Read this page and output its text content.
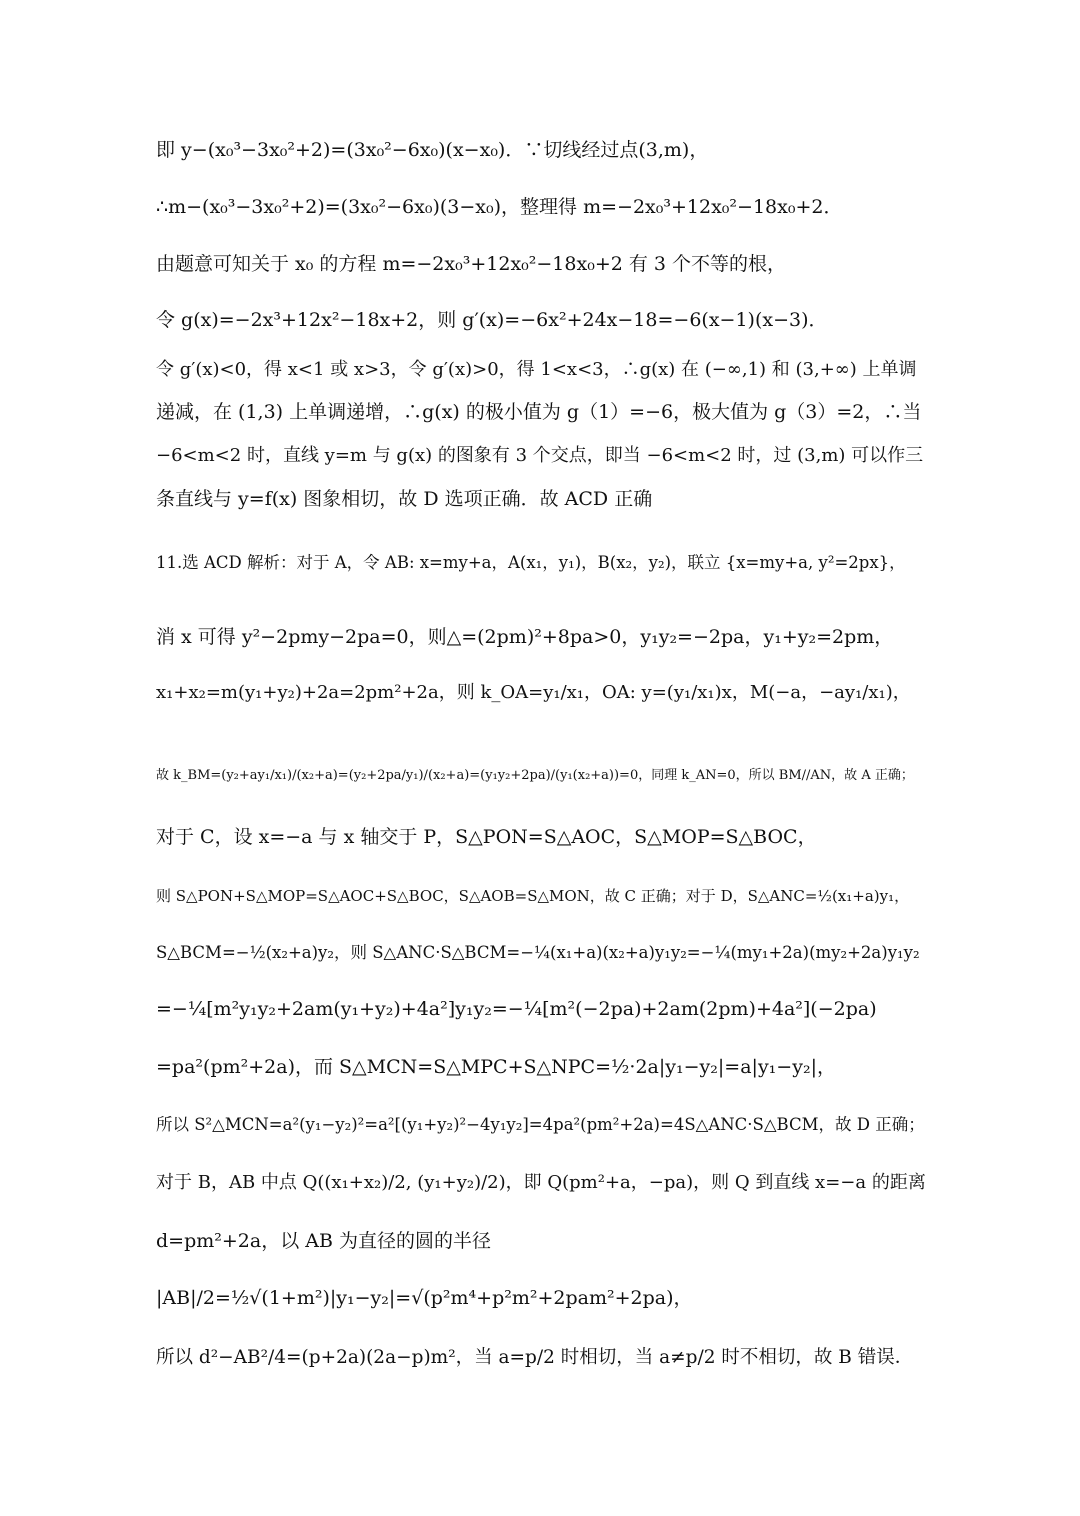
即 y−(x₀³−3x₀²+2)=(3x₀²−6x₀)(x−x₀)．∵切线经过点(3,m)，
∴m−(x₀³−3x₀²+2)=(3x₀²−6x₀)(3−x₀)，整理得 m=−2x₀³+12x₀²−18x₀+2．
由题意可知关于 x₀ 的方程 m=−2x₀³+12x₀²−18x₀+2 有 3 个不等的根，
令 g(x)=−2x³+12x²−18x+2，则 g′(x)=−6x²+24x−18=−6(x−1)(x−3)．
令 g′(x)<0，得 x<1 或 x>3，令 g′(x)>0，得 1<x<3，∴g(x) 在 (−∞,1) 和 (3,+∞) 上单调
递减，在 (1,3) 上单调递增，∴g(x) 的极小值为 g（1）=−6，极大值为 g（3）=2，∴当
−6<m<2 时，直线 y=m 与 g(x) 的图象有 3 个交点，即当 −6<m<2 时，过 (3,m) 可以作三
条直线与 y=f(x) 图象相切，故 D 选项正确．故 ACD 正确
11.选 ACD 解析：对于 A，令 AB: x=my+a，A(x₁，y₁)，B(x₂，y₂)，联立 {x=my+a, y²=2px}，
消 x 可得 y²−2pmy−2pa=0，则△=(2pm)²+8pa>0，y₁y₂=−2pa，y₁+y₂=2pm，
x₁+x₂=m(y₁+y₂)+2a=2pm²+2a，则 k_OA=y₁/x₁，OA: y=(y₁/x₁)x，M(−a，−ay₁/x₁)，
故 k_BM=(y₂+ay₁/x₁)/(x₂+a)=(y₂+2pa/y₁)/(x₂+a)=(y₁y₂+2pa)/(y₁(x₂+a))=0，同理 k_AN=0，所以 BM//AN，故 A 正确；
对于 C，设 x=−a 与 x 轴交于 P，S△PON=S△AOC，S△MOP=S△BOC，
则 S△PON+S△MOP=S△AOC+S△BOC，S△AOB=S△MON，故 C 正确；对于 D，S△ANC=½(x₁+a)y₁，
S△BCM=−½(x₂+a)y₂，则 S△ANC·S△BCM=−¼(x₁+a)(x₂+a)y₁y₂=−¼(my₁+2a)(my₂+2a)y₁y₂
=−¼[m²y₁y₂+2am(y₁+y₂)+4a²]y₁y₂=−¼[m²(−2pa)+2am(2pm)+4a²](−2pa)
=pa²(pm²+2a)，而 S△MCN=S△MPC+S△NPC=½·2a|y₁−y₂|=a|y₁−y₂|，
所以 S²△MCN=a²(y₁−y₂)²=a²[(y₁+y₂)²−4y₁y₂]=4pa²(pm²+2a)=4S△ANC·S△BCM，故 D 正确；
对于 B，AB 中点 Q((x₁+x₂)/2, (y₁+y₂)/2)，即 Q(pm²+a，−pa)，则 Q 到直线 x=−a 的距离
d=pm²+2a，以 AB 为直径的圆的半径
|AB|/2=½√(1+m²)|y₁−y₂|=√(p²m⁴+p²m²+2pam²+2pa)，
所以 d²−AB²/4=(p+2a)(2a−p)m²，当 a=p/2 时相切，当 a≠p/2 时不相切，故 B 错误．
